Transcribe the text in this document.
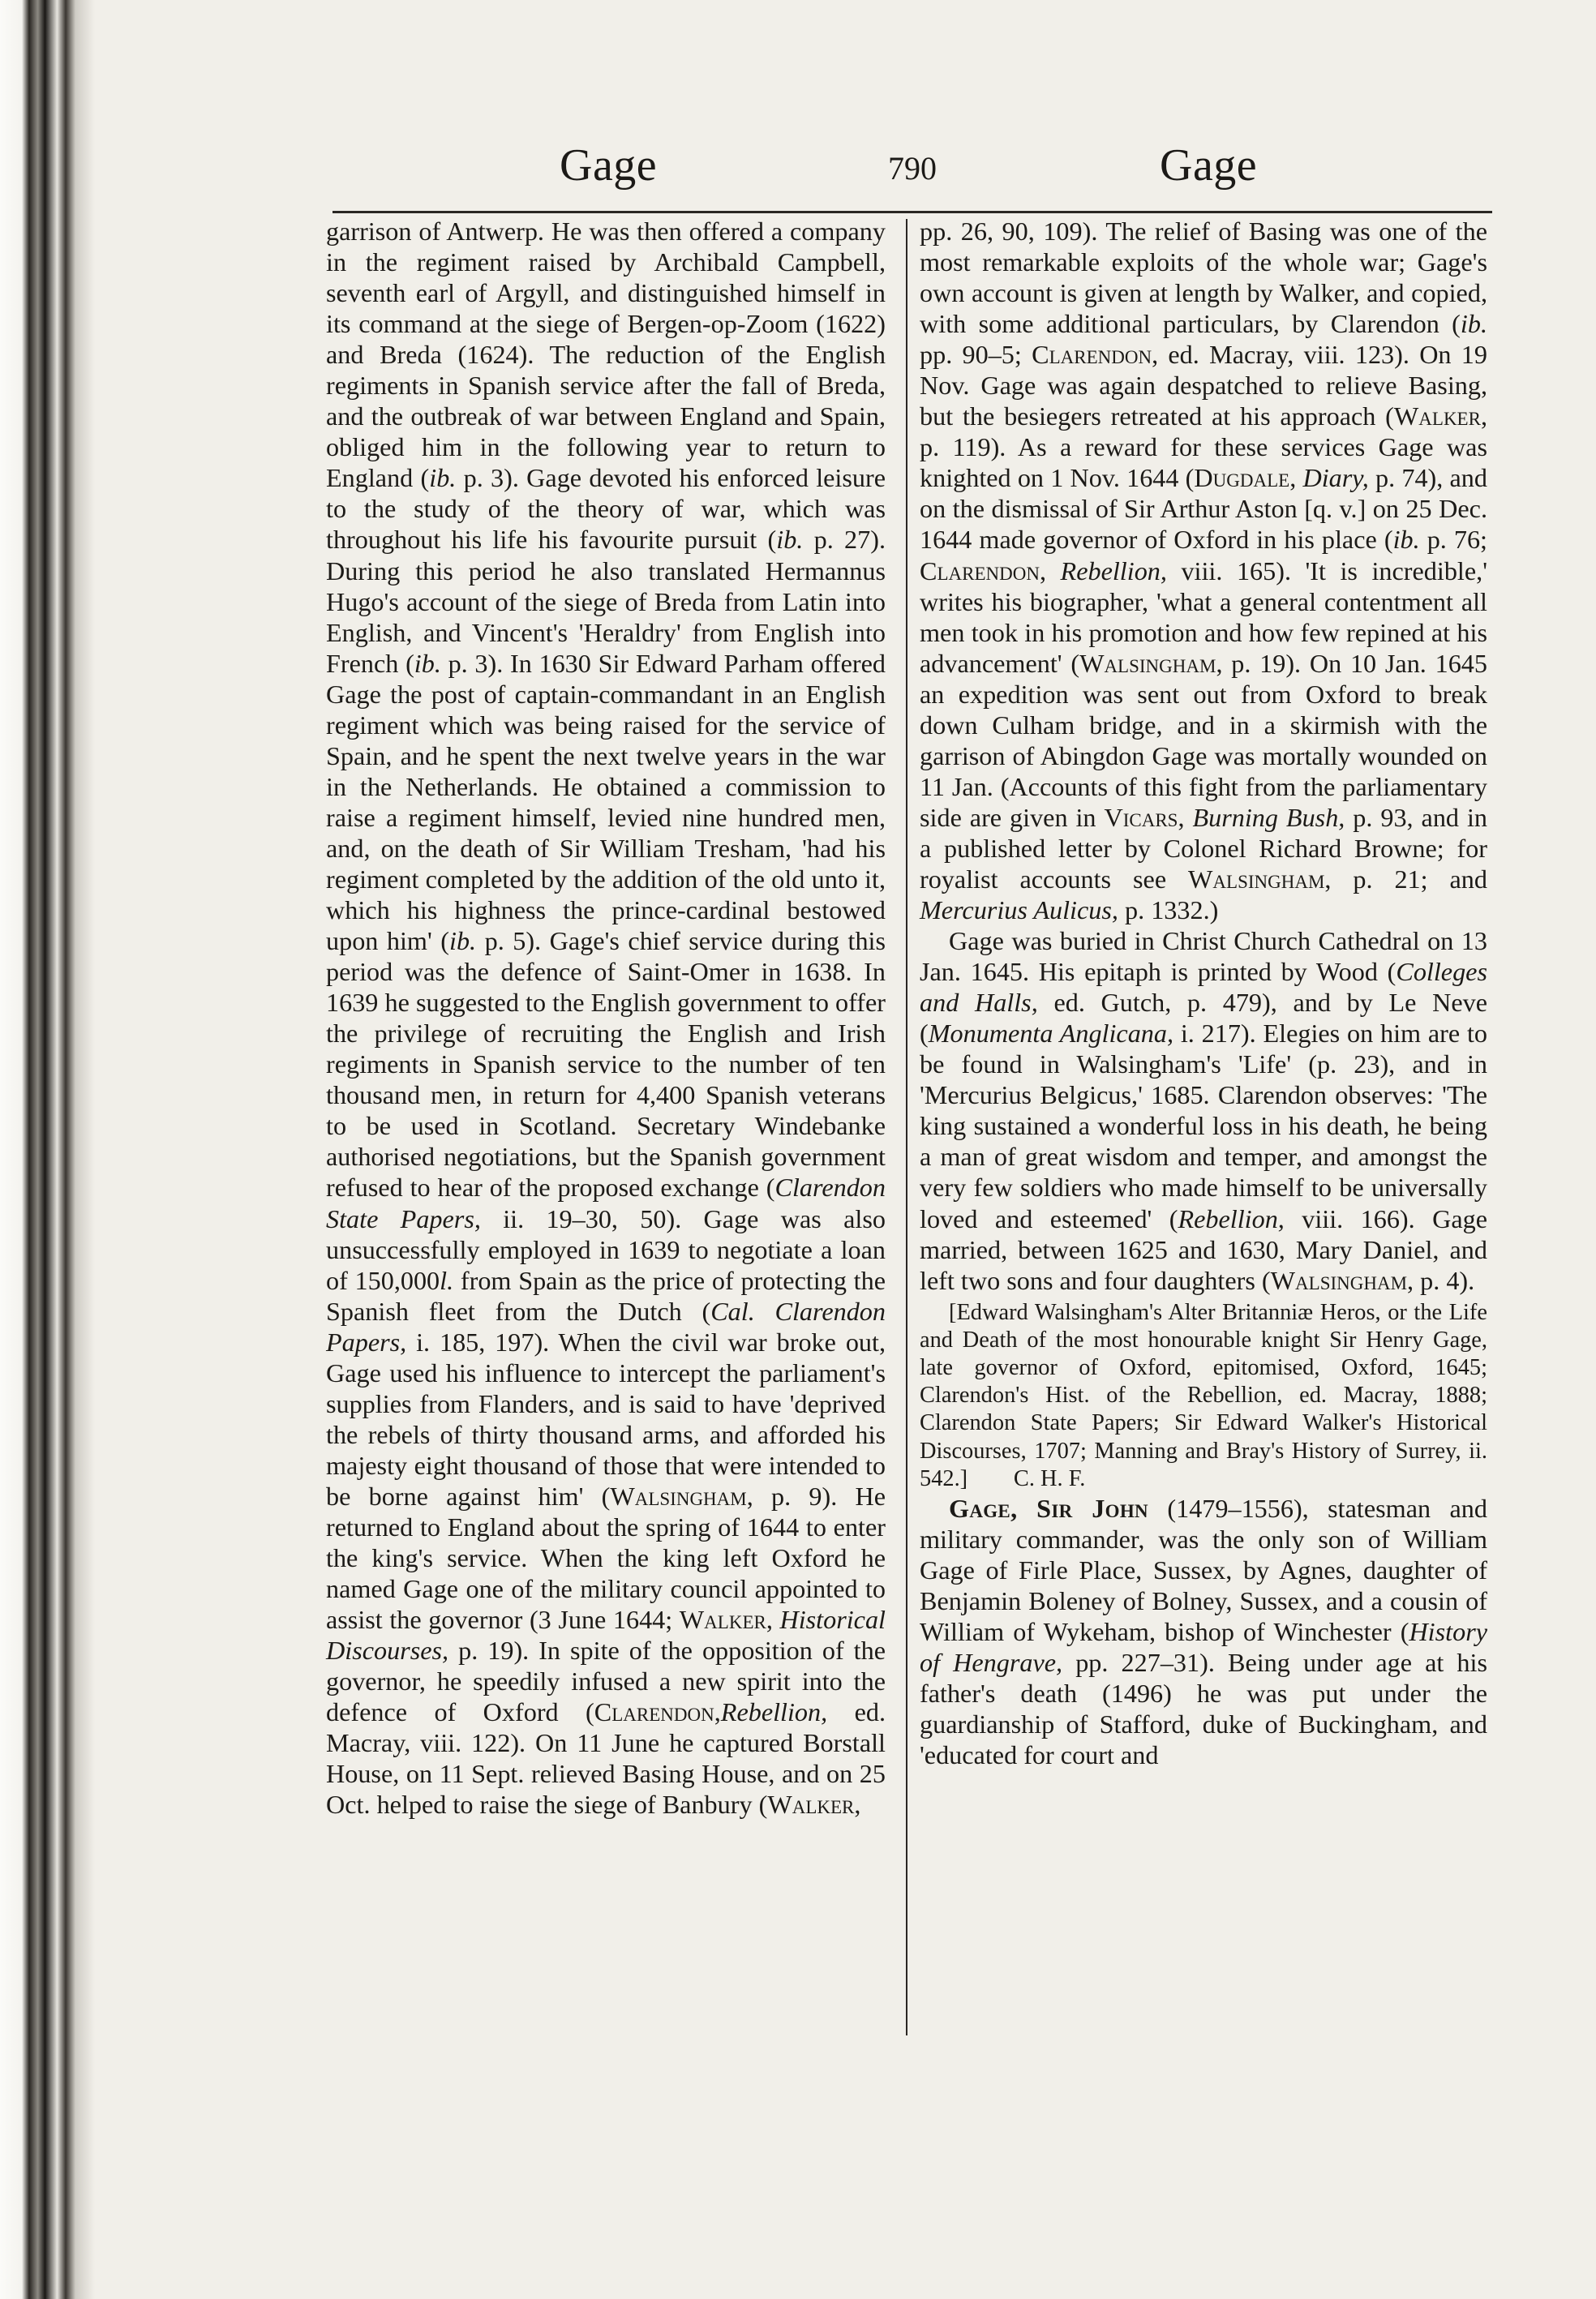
Gage	790	Gage

garrison of Antwerp. He was then offered a company in the regiment raised by Archibald Campbell, seventh earl of Argyll, and distinguished himself in its command at the siege of Bergen-op-Zoom (1622) and Breda (1624). The reduction of the English regiments in Spanish service after the fall of Breda, and the outbreak of war between England and Spain, obliged him in the following year to return to England (ib. p. 3). Gage devoted his enforced leisure to the study of the theory of war, which was throughout his life his favourite pursuit (ib. p. 27). During this period he also translated Hermannus Hugo's account of the siege of Breda from Latin into English, and Vincent's 'Heraldry' from English into French (ib. p. 3). In 1630 Sir Edward Parham offered Gage the post of captain-commandant in an English regiment which was being raised for the service of Spain, and he spent the next twelve years in the war in the Netherlands. He obtained a commission to raise a regiment himself, levied nine hundred men, and, on the death of Sir William Tresham, 'had his regiment completed by the addition of the old unto it, which his highness the prince-cardinal bestowed upon him' (ib. p. 5). Gage's chief service during this period was the defence of Saint-Omer in 1638. In 1639 he suggested to the English government to offer the privilege of recruiting the English and Irish regiments in Spanish service to the number of ten thousand men, in return for 4,400 Spanish veterans to be used in Scotland. Secretary Windebanke authorised negotiations, but the Spanish government refused to hear of the proposed exchange (Clarendon State Papers, ii. 19–30, 50). Gage was also unsuccessfully employed in 1639 to negotiate a loan of 150,000l. from Spain as the price of protecting the Spanish fleet from the Dutch (Cal. Clarendon Papers, i. 185, 197). When the civil war broke out, Gage used his influence to intercept the parliament's supplies from Flanders, and is said to have 'deprived the rebels of thirty thousand arms, and afforded his majesty eight thousand of those that were intended to be borne against him' (Walsingham, p. 9). He returned to England about the spring of 1644 to enter the king's service. When the king left Oxford he named Gage one of the military council appointed to assist the governor (3 June 1644; Walker, Historical Discourses, p. 19). In spite of the opposition of the governor, he speedily infused a new spirit into the defence of Oxford (Clarendon,Rebellion, ed. Macray, viii. 122). On 11 June he captured Borstall House, on 11 Sept. relieved Basing House, and on 25 Oct. helped to raise the siege of Banbury (Walker,

pp. 26, 90, 109). The relief of Basing was one of the most remarkable exploits of the whole war; Gage's own account is given at length by Walker, and copied, with some additional particulars, by Clarendon (ib. pp. 90–5; Clarendon, ed. Macray, viii. 123). On 19 Nov. Gage was again despatched to relieve Basing, but the besiegers retreated at his approach (Walker, p. 119). As a reward for these services Gage was knighted on 1 Nov. 1644 (Dugdale, Diary, p. 74), and on the dismissal of Sir Arthur Aston [q. v.] on 25 Dec. 1644 made governor of Oxford in his place (ib. p. 76; Clarendon, Rebellion, viii. 165). 'It is incredible,' writes his biographer, 'what a general contentment all men took in his promotion and how few repined at his advancement' (Walsingham, p. 19). On 10 Jan. 1645 an expedition was sent out from Oxford to break down Culham bridge, and in a skirmish with the garrison of Abingdon Gage was mortally wounded on 11 Jan. (Accounts of this fight from the parliamentary side are given in Vicars, Burning Bush, p. 93, and in a published letter by Colonel Richard Browne; for royalist accounts see Walsingham, p. 21; and Mercurius Aulicus, p. 1332.)

Gage was buried in Christ Church Cathedral on 13 Jan. 1645. His epitaph is printed by Wood (Colleges and Halls, ed. Gutch, p. 479), and by Le Neve (Monumenta Anglicana, i. 217). Elegies on him are to be found in Walsingham's 'Life' (p. 23), and in 'Mercurius Belgicus,' 1685. Clarendon observes: 'The king sustained a wonderful loss in his death, he being a man of great wisdom and temper, and amongst the very few soldiers who made himself to be universally loved and esteemed' (Rebellion, viii. 166). Gage married, between 1625 and 1630, Mary Daniel, and left two sons and four daughters (Walsingham, p. 4).

[Edward Walsingham's Alter Britanniæ Heros, or the Life and Death of the most honourable knight Sir Henry Gage, late governor of Oxford, epitomised, Oxford, 1645; Clarendon's Hist. of the Rebellion, ed. Macray, 1888; Clarendon State Papers; Sir Edward Walker's Historical Discourses, 1707; Manning and Bray's History of Surrey, ii. 542.] C. H. F.

Gage, Sir John (1479–1556), statesman and military commander, was the only son of William Gage of Firle Place, Sussex, by Agnes, daughter of Benjamin Boleney of Bolney, Sussex, and a cousin of William of Wykeham, bishop of Winchester (History of Hengrave, pp. 227–31). Being under age at his father's death (1496) he was put under the guardianship of Stafford, duke of Buckingham, and 'educated for court and
